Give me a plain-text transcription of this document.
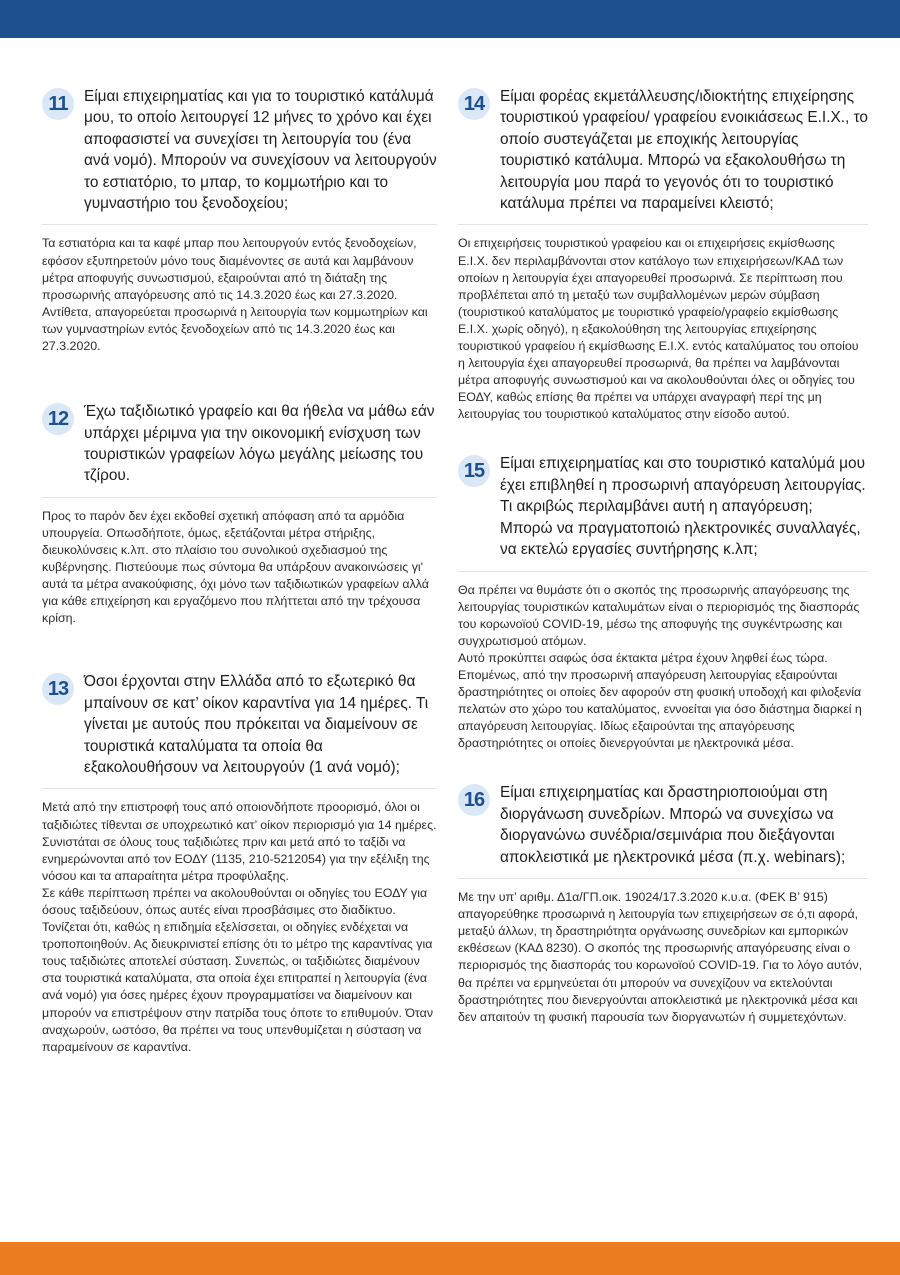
11	Είμαι επιχειρηματίας και για το τουριστικό κατάλυμά μου, το οποίο λειτουργεί 12 μήνες το χρόνο και έχει αποφασιστεί να συνεχίσει τη λειτουργία του (ένα ανά νομό). Μπορούν να συνεχίσουν να λειτουργούν το εστιατόριο, το μπαρ, το κομμωτήριο και το γυμναστήριο του ξενοδοχείου;

Τα εστιατόρια και τα καφέ μπαρ που λειτουργούν εντός ξενοδοχείων, εφόσον εξυπηρετούν μόνο τους διαμένοντες σε αυτά και λαμβάνουν μέτρα αποφυγής συνωστισμού, εξαιρούνται από τη διάταξη της προσωρινής απαγόρευσης από τις 14.3.2020 έως και 27.3.2020. Αντίθετα, απαγορεύεται προσωρινά η λειτουργία των κομμωτηρίων και των γυμναστηρίων εντός ξενοδοχείων από τις 14.3.2020 έως και 27.3.2020.

12	Έχω ταξιδιωτικό γραφείο και θα ήθελα να μάθω εάν υπάρχει μέριμνα για την οικονομική ενίσχυση των τουριστικών γραφείων λόγω μεγάλης μείωσης του τζίρου.

Προς το παρόν δεν έχει εκδοθεί σχετική απόφαση από τα αρμόδια υπουργεία. Οπωσδήποτε, όμως, εξετάζονται μέτρα στήριξης, διευκολύνσεις κ.λπ. στο πλαίσιο του συνολικού σχεδιασμού της κυβέρνησης. Πιστεύουμε πως σύντομα θα υπάρξουν ανακοινώσεις γι' αυτά τα μέτρα ανακούφισης, όχι μόνο των ταξιδιωτικών γραφείων αλλά για κάθε επιχείρηση και εργαζόμενο που πλήττεται από την τρέχουσα κρίση.

13	Όσοι έρχονται στην Ελλάδα από το εξωτερικό θα μπαίνουν σε κατ’ οίκον καραντίνα για 14 ημέρες. Τι γίνεται με αυτούς που πρόκειται να διαμείνουν σε τουριστικά καταλύματα τα οποία θα εξακολουθήσουν να λειτουργούν (1 ανά νομό);

Μετά από την επιστροφή τους από οποιονδήποτε προορισμό, όλοι οι ταξιδιώτες τίθενται σε υποχρεωτικό κατ’ οίκον περιορισμό για 14 ημέρες. Συνιστάται σε όλους τους ταξιδιώτες πριν και μετά από το ταξίδι να ενημερώνονται από τον ΕΟΔΥ (1135, 210-5212054) για την εξέλιξη της νόσου και τα απαραίτητα μέτρα προφύλαξης.

Σε κάθε περίπτωση πρέπει να ακολουθούνται οι οδηγίες του ΕΟΔΥ για όσους ταξιδεύουν, όπως αυτές είναι προσβάσιμες στο διαδίκτυο. Τονίζεται ότι, καθώς η επιδημία εξελίσσεται, οι οδηγίες ενδέχεται να τροποποιηθούν. Ας διευκρινιστεί επίσης ότι το μέτρο της καραντίνας για τους ταξιδιώτες αποτελεί σύσταση. Συνεπώς, οι ταξιδιώτες διαμένουν στα τουριστικά καταλύματα, στα οποία έχει επιτραπεί η λειτουργία (ένα ανά νομό) για όσες ημέρες έχουν προγραμματίσει να διαμείνουν και μπορούν να επιστρέψουν στην πατρίδα τους όποτε το επιθυμούν. Όταν αναχωρούν, ωστόσο, θα πρέπει να τους υπενθυμίζεται η σύσταση να παραμείνουν σε καραντίνα.

14	Είμαι φορέας εκμετάλλευσης/ιδιοκτήτης επιχείρησης τουριστικού γραφείου/ γραφείου ενοικιάσεως Ε.Ι.Χ., το οποίο συστεγάζεται με εποχικής λειτουργίας τουριστικό κατάλυμα. Μπορώ να εξακολουθήσω τη λειτουργία μου παρά το γεγονός ότι το τουριστικό κατάλυμα πρέπει να παραμείνει κλειστό;

Οι επιχειρήσεις τουριστικού γραφείου και οι επιχειρήσεις εκμίσθωσης Ε.Ι.Χ. δεν περιλαμβάνονται στον κατάλογο των επιχειρήσεων/ΚΑΔ των οποίων η λειτουργία έχει απαγορευθεί προσωρινά. Σε περίπτωση που προβλέπεται από τη μεταξύ των συμβαλλομένων μερών σύμβαση (τουριστικού καταλύματος με τουριστικό γραφείο/γραφείο εκμίσθωσης Ε.Ι.Χ. χωρίς οδηγό), η εξακολούθηση της λειτουργίας επιχείρησης τουριστικού γραφείου ή εκμίσθωσης Ε.Ι.Χ. εντός καταλύματος του οποίου η λειτουργία έχει απαγορευθεί προσωρινά, θα πρέπει να λαμβάνονται μέτρα αποφυγής συνωστισμού και να ακολουθούνται όλες οι οδηγίες του ΕΟΔΥ, καθώς επίσης θα πρέπει να υπάρχει αναγραφή περί της μη λειτουργίας του τουριστικού καταλύματος στην είσοδο αυτού.

15	Είμαι επιχειρηματίας και στο τουριστικό καταλύμά μου έχει επιβληθεί η προσωρινή απαγόρευση λειτουργίας. Τι ακριβώς περιλαμβάνει αυτή η απαγόρευση; Μπορώ να πραγματοποιώ ηλεκτρονικές συναλλαγές, να εκτελώ εργασίες συντήρησης κ.λπ;

Θα πρέπει να θυμάστε ότι ο σκοπός της προσωρινής απαγόρευσης της λειτουργίας τουριστικών καταλυμάτων είναι ο περιορισμός της διασποράς του κορωνοϊού COVID-19, μέσω της αποφυγής της συγκέντρωσης και συγχρωτισμού ατόμων.

Αυτό προκύπτει σαφώς όσα έκτακτα μέτρα έχουν ληφθεί έως τώρα. Επομένως, από την προσωρινή απαγόρευση λειτουργίας εξαιρούνται δραστηριότητες οι οποίες δεν αφορούν στη φυσική υποδοχή και φιλοξενία πελατών στο χώρο του καταλύματος, εννοείται για όσο διάστημα διαρκεί η απαγόρευση λειτουργίας. Ιδίως εξαιρούνται της απαγόρευσης δραστηριότητες οι οποίες διενεργούνται με ηλεκτρονικά μέσα.

16	Είμαι επιχειρηματίας και δραστηριοποιούμαι στη διοργάνωση συνεδρίων. Μπορώ να συνεχίσω να διοργανώνω συνέδρια/σεμινάρια που διεξάγονται αποκλειστικά με ηλεκτρονικά μέσα (π.χ. webinars);

Με την υπ’ αριθμ. Δ1α/ΓΠ.οικ. 19024/17.3.2020 κ.υ.α. (ΦΕΚ Β’ 915) απαγορεύθηκε προσωρινά η λειτουργία των επιχειρήσεων σε ό,τι αφορά, μεταξύ άλλων, τη δραστηριότητα οργάνωσης συνεδρίων και εμπορικών εκθέσεων (ΚΑΔ 8230). Ο σκοπός της προσωρινής απαγόρευσης είναι ο περιορισμός της διασποράς του κορωνοϊού COVID-19. Για το λόγο αυτόν, θα πρέπει να ερμηνεύεται ότι μπορούν να συνεχίζουν να εκτελούνται δραστηριότητες που διενεργούνται αποκλειστικά με ηλεκτρονικά μέσα και δεν απαιτούν τη φυσική παρουσία των διοργανωτών ή συμμετεχόντων.
